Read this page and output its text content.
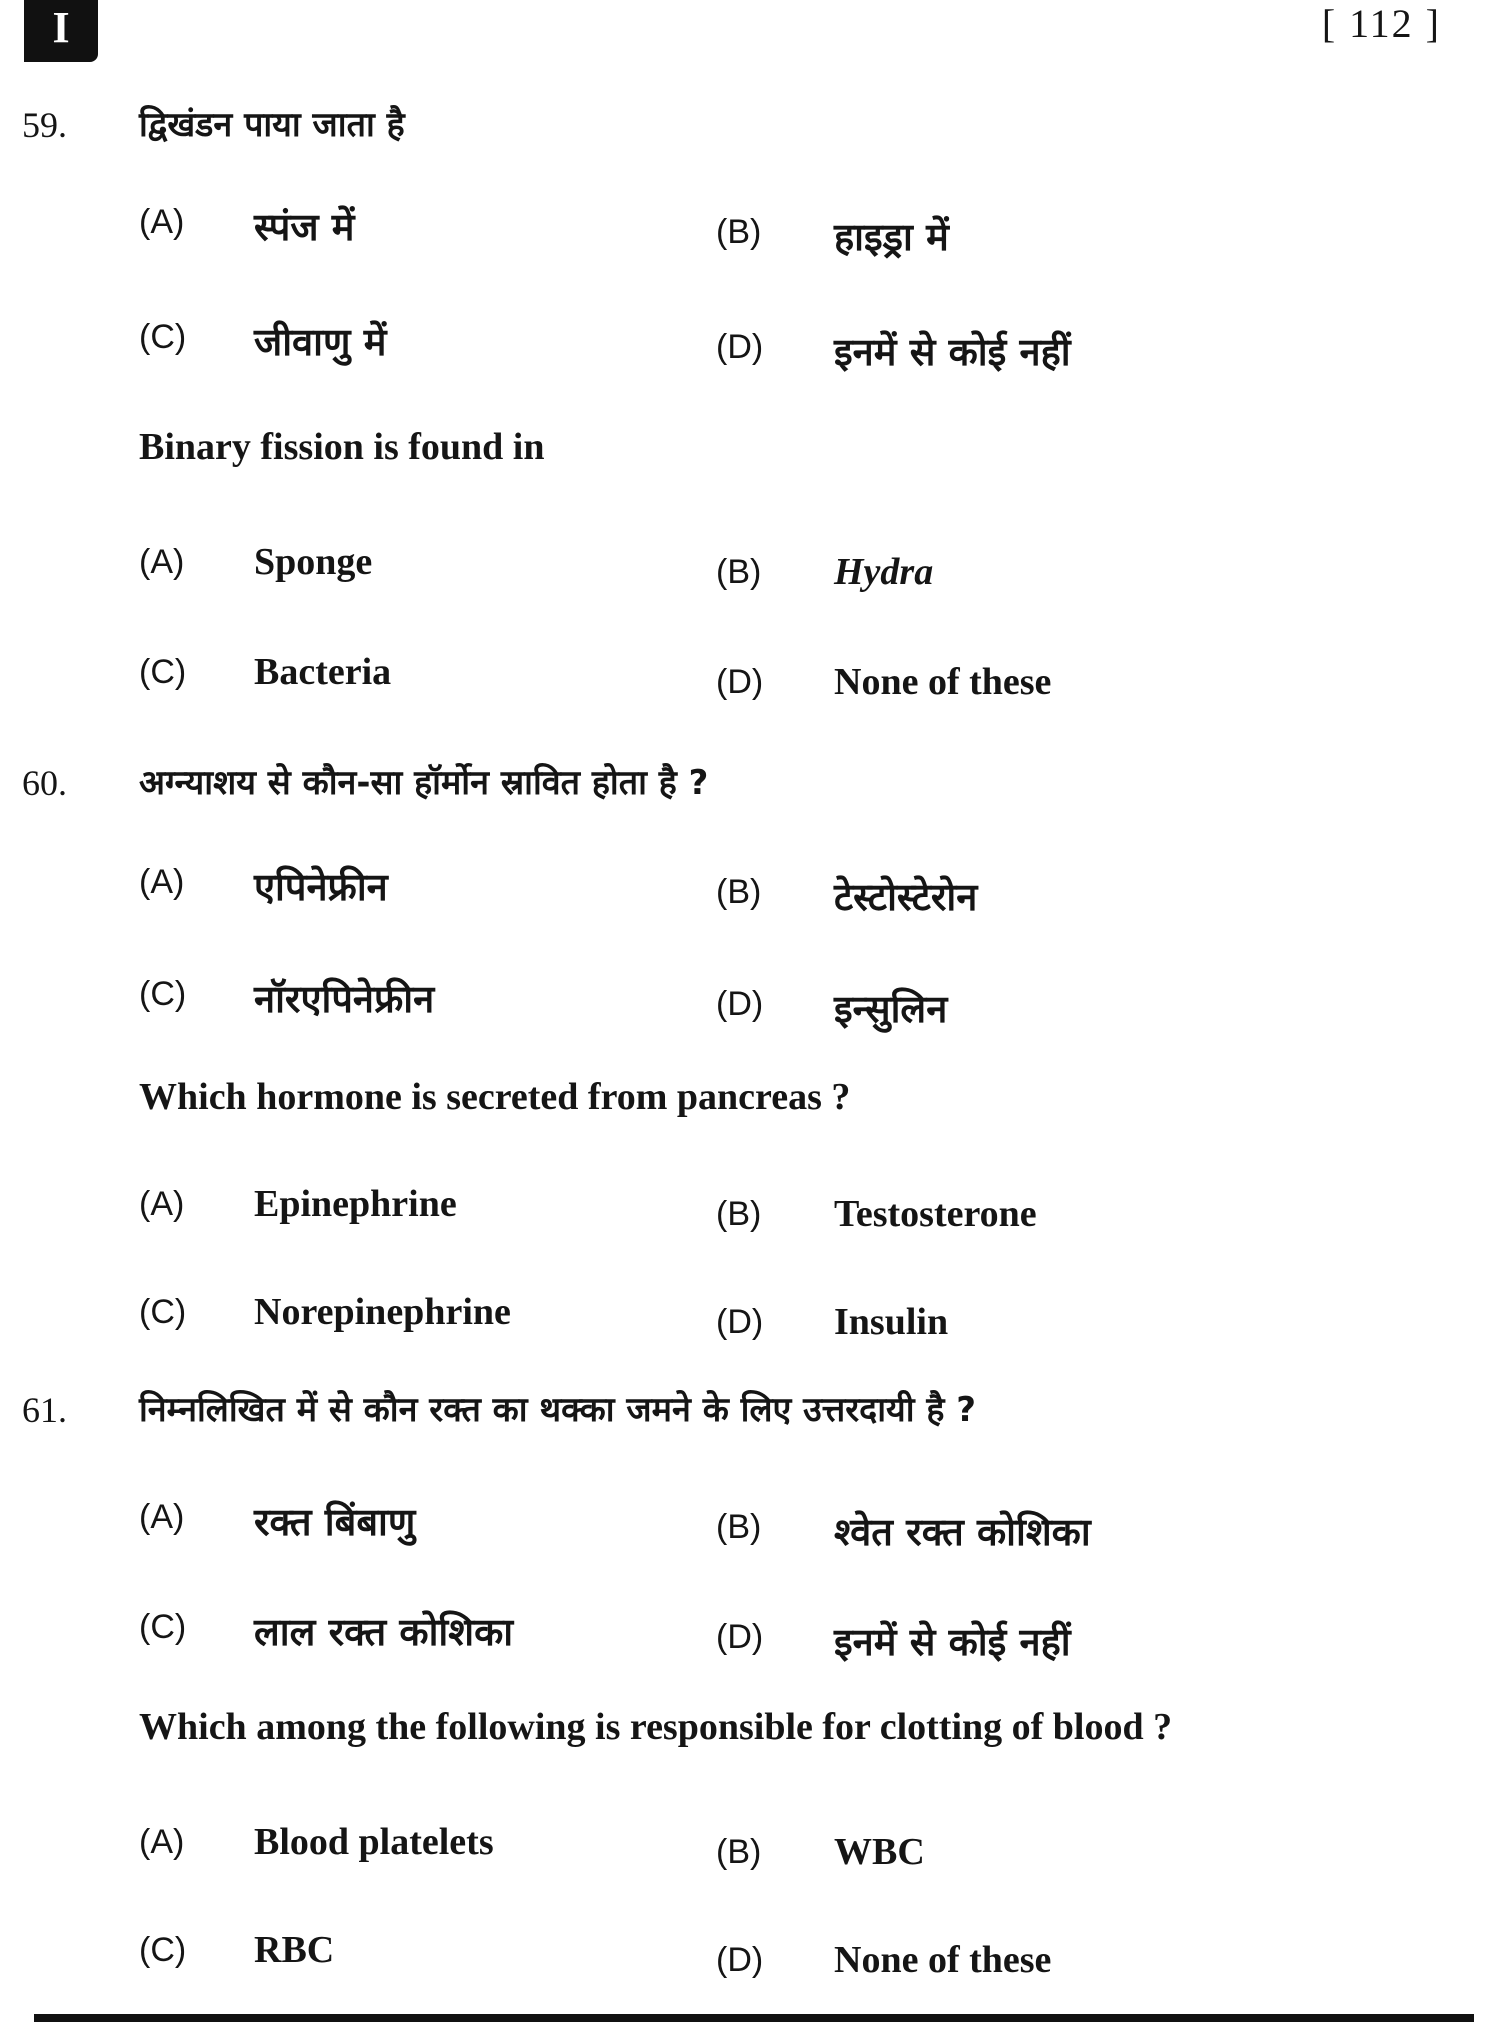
I	[ 112 ]
59. द्विखंडन पाया जाता है
Binary fission is found in
(A) स्पंज में	(B) हाइड्रा में
(C) जीवाणु में	(D) इनमें से कोई नहीं
(A) Sponge	(B) Hydra
(C) Bacteria	(D) None of these
60. अग्न्याशय से कौन-सा हॉर्मोन स्रावित होता है ?
Which hormone is secreted from pancreas ?
(A) एपिनेफ्रीन	(B) टेस्टोस्टेरोन
(C) नॉरएपिनेफ्रीन	(D) इन्सुलिन
(A) Epinephrine	(B) Testosterone
(C) Norepinephrine	(D) Insulin
61. निम्नलिखित में से कौन रक्त का थक्का जमने के लिए उत्तरदायी है ?
Which among the following is responsible for clotting of blood ?
(A) रक्त बिंबाणु	(B) श्वेत रक्त कोशिका
(C) लाल रक्त कोशिका	(D) इनमें से कोई नहीं
(A) Blood platelets	(B) WBC
(C) RBC	(D) None of these
